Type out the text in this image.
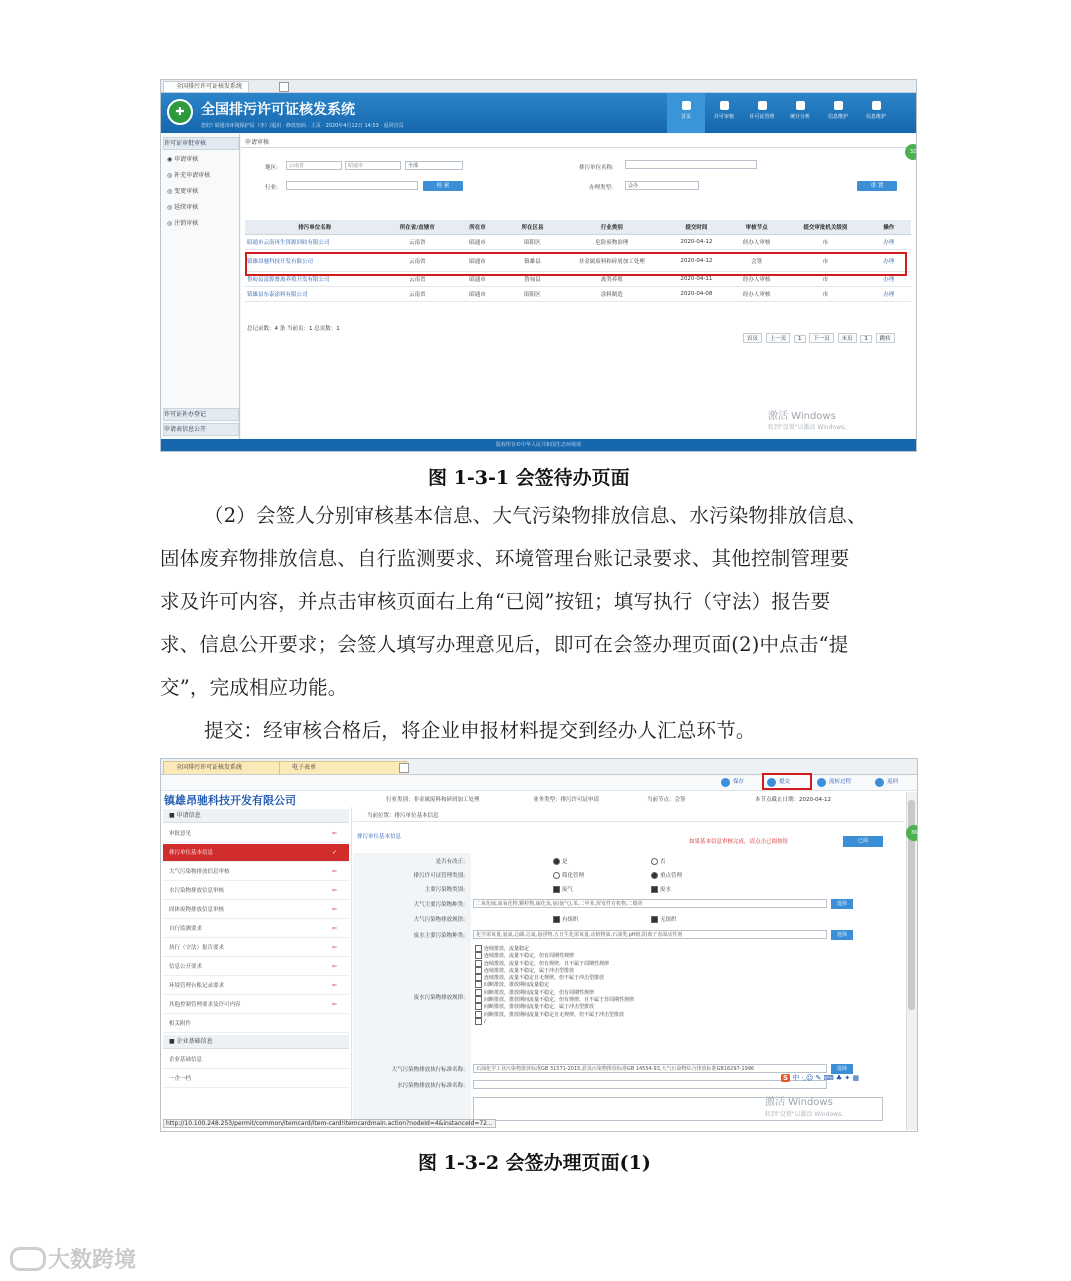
全国排污许可证核发系统
✚	全国排污许可证核发系统
您好! 昭通市环境保护局（李）/退出 · 修改密码 · 主页 · 2020年4月12日 14:53 · 返回首页
首页	许可审核	许可证管理	统计分析	信息维护	信息维护
许可证审批审核
◉ 申请审核
◎ 补充申请审核
◎ 变更审核
◎ 延续审核
◎ 注销审核
许可证补办登记
申请表信息公开
申请审核
地区:	云南省	昭通市	全部
行业:	检 索
排污单位名称:
办理类型:	会办	重 置
排污单位名称	所在省/直辖市	所在市	所在区县	行业类别	提交时间	审核节点	提交审批机关级别	操作
昭通市云南再生资源回收有限公司	云南省	昭通市	昭阳区	危险废物治理	2020-04-12	经办人审核	市	办理
镇雄昂驰科技开发有限公司	云南省	昭通市	镇雄县	非金属废料和碎屑加工处理	2020-04-12	会签	市	办理
鲁甸县富源畜禽养殖开发有限公司	云南省	昭通市	鲁甸县	禽类养殖	2020-04-11	经办人审核	市	办理
镇雄县东泰涂料有限公司	云南省	昭通市	昭阳区	涂料制造	2020-04-08	经办人审核	市	办理
总记录数：4 条 当前页：1 总页数：1
首页 上一页 1 下一页 末页 1 跳转
激活 Windows
转到"设置"以激活 Windows。
32
版权所有©中华人民共和国生态环境部
图 1-3-1 会签待办页面
（2）会签人分别审核基本信息、大气污染物排放信息、水污染物排放信息、
固体废弃物排放信息、自行监测要求、环境管理台账记录要求、其他控制管理要
求及许可内容，并点击审核页面右上角“已阅”按钮；填写执行（守法）报告要
求、信息公开要求；会签人填写办理意见后，即可在会签办理页面(2)中点击“提
交”，完成相应功能。
提交：经审核合格后，将企业申报材料提交到经办人汇总环节。
全国排污许可证核发系统	电子表单
保存	提交	流转过程	返回
镇雄昂驰科技开发有限公司	行业类别：非金属废料和碎屑加工处理	业务类型：排污许可证申请	当前节点：会签	本节点截止日期：2020-04-12
■ 申请信息
审批意见	⇐
排污单位基本信息	✓
大气污染物排放信息审核	⇐
水污染物排放信息审核	⇐
固体废物排放信息审核	⇐
自行监测要求	⇐
执行（守法）报告要求	⇐
信息公开要求	⇐
环境管理台账记录要求	⇐
其他控制管理要求及许可内容	⇐
相关附件
■ 企业基础信息
企业基础信息
一企一档
当前位置：排污单位基本信息
排污单位基本信息
如果基本信息审核完成，请点击已阅按钮	已阅
是否有改正:	是	否
排污许可证管理类别:	简化管理	重点管理
主要污染物类别:	废气	废水
大气主要污染物种类:	二氧化硫,氮氧化物,颗粒物,硫化氢,氨(氨气),苯,二甲苯,挥发性有机物,二噁英	选择
大气污染物排放规律:	有组织	无组织
废水主要污染物种类:	化学需氧量,氨氮,总磷,总氮,悬浮物,五日生化需氧量,动植物油,石油类,pH值,阴离子表面活性剂	选择
废水污染物排放规律:
连续排放，流量稳定
连续排放，流量不稳定，但有周期性规律
连续排放，流量不稳定，但有规律，且不属于周期性规律
连续排放，流量不稳定，属于冲击型排放
连续排放，流量不稳定且无规律，但不属于冲击型排放
间断排放，排放期间流量稳定
间断排放，排放期间流量不稳定，但有周期性规律
间断排放，排放期间流量不稳定，但有规律，且不属于非周期性规律
间断排放，排放期间流量不稳定，属于冲击型排放
间断排放，排放期间流量不稳定且无规律，但不属于冲击型排放
/
大气污染物排放执行标准名称:	石油化学工业污染物排放标准GB 31571-2015,恶臭污染物排放标准GB 14554-93,大气污染物综合排放标准GB16297-1996	选择
水污染物排放执行标准名称:
激活 Windows
转到"设置"以激活 Windows。
S 中 ·,☺ ✎ ⌨ ♣ ✦ ▦
36
http://10.100.248.253/permit/common/itemcard/item-card!itemcardmain.action?nodeId=4&instanceId=72...
图 1-3-2 会签办理页面(1)
大数跨境
